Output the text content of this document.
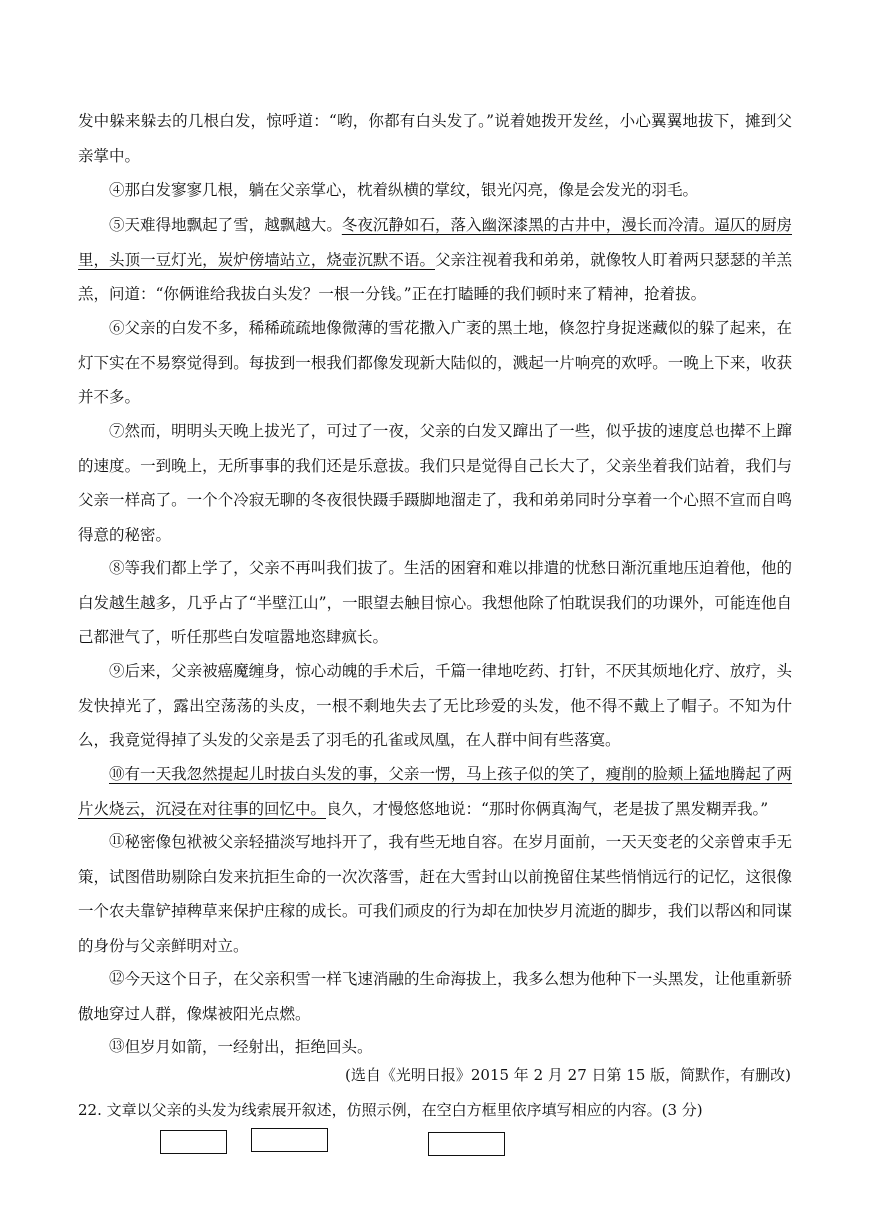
发中躲来躲去的几根白发，惊呼道：“哟，你都有白头发了。”说着她拨开发丝，小心翼翼地拔下，摊到父亲掌中。

④那白发寥寥几根，躺在父亲掌心，枕着纵横的掌纹，银光闪亮，像是会发光的羽毛。

⑤天难得地飘起了雪，越飘越大。冬夜沉静如石，落入幽深漆黑的古井中，漫长而冷清。逼仄的厨房里，头顶一豆灯光，炭炉傍墙站立，烧壶沉默不语。父亲注视着我和弟弟，就像牧人盯着两只瑟瑟的羊羔羔，问道：“你俩谁给我拔白头发？一根一分钱。”正在打瞌睡的我们顿时来了精神，抢着拔。

⑥父亲的白发不多，稀稀疏疏地像微薄的雪花撒入广袤的黑土地，倏忽拧身捉迷藏似的躲了起来，在灯下实在不易察觉得到。每拔到一根我们都像发现新大陆似的，溅起一片响亮的欢呼。一晚上下来，收获并不多。

⑦然而，明明头天晚上拔光了，可过了一夜，父亲的白发又蹿出了一些，似乎拔的速度总也撵不上蹿的速度。一到晚上，无所事事的我们还是乐意拔。我们只是觉得自己长大了，父亲坐着我们站着，我们与父亲一样高了。一个个冷寂无聊的冬夜很快蹑手蹑脚地溜走了，我和弟弟同时分享着一个心照不宣而自鸣得意的秘密。

⑧等我们都上学了，父亲不再叫我们拔了。生活的困窘和难以排遣的忧愁日渐沉重地压迫着他，他的白发越生越多，几乎占了“半壁江山”，一眼望去触目惊心。我想他除了怕耽误我们的功课外，可能连他自己都泄气了，听任那些白发喧嚣地恣肆疯长。

⑨后来，父亲被癌魔缠身，惊心动魄的手术后，千篇一律地吃药、打针，不厌其烦地化疗、放疗，头发快掉光了，露出空荡荡的头皮，一根不剩地失去了无比珍爱的头发，他不得不戴上了帽子。不知为什么，我竟觉得掉了头发的父亲是丢了羽毛的孔雀或凤凰，在人群中间有些落寞。

⑩有一天我忽然提起儿时拔白头发的事，父亲一愣，马上孩子似的笑了，瘦削的脸颊上猛地腾起了两片火烧云，沉浸在对往事的回忆中。良久，才慢悠悠地说：“那时你俩真淘气，老是拔了黑发糊弄我。”

⑪秘密像包袱被父亲轻描淡写地抖开了，我有些无地自容。在岁月面前，一天天变老的父亲曾束手无策，试图借助剔除白发来抗拒生命的一次次落雪，赶在大雪封山以前挽留住某些悄悄远行的记忆，这很像一个农夫靠铲掉稗草来保护庄稼的成长。可我们顽皮的行为却在加快岁月流逝的脚步，我们以帮凶和同谋的身份与父亲鲜明对立。

⑫今天这个日子，在父亲积雪一样飞速消融的生命海拔上，我多么想为他种下一头黑发，让他重新骄傲地穿过人群，像煤被阳光点燃。

⑬但岁月如箭，一经射出，拒绝回头。

(选自《光明日报》2015 年 2 月 27 日第 15 版，简默作，有删改)

22. 文章以父亲的头发为线索展开叙述，仿照示例，在空白方框里依序填写相应的内容。(3 分)
